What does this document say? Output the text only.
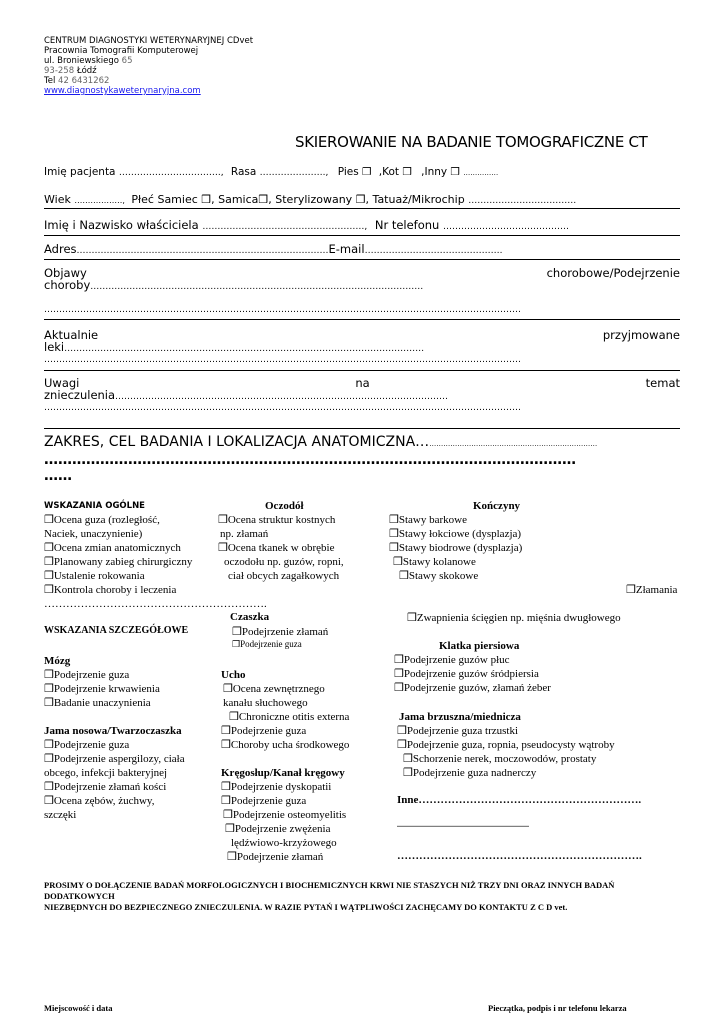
CENTRUM DIAGNOSTYKI WETERYNARYJNEJ CDvet
Pracownia Tomografii Komputerowej
ul. Broniewskiego 65
93-258 Łódź
Tel 42 6431262
www.diagnostykaweterynaryjna.com
SKIEROWANIE NA BADANIE TOMOGRAFICZNE CT
Imię pacjenta ……………………………., Rasa …………………., Pies ❒ ,Kot ❒ ,Inny ❒ ……………
Wiek ………………, Płeć Samiec ❒, Samica❒, Sterylizowany ❒, Tatuaż/Mikrochip ………………………………
Imię i Nazwisko właściciela ………………………………………………, Nr telefonu ……………………………………
Adres…………………………………………………………………………E-mail……………………………………….
Objawy	chorobowe/Podejrzenie
choroby…………………………………………………………………………………………………
……………………………………………………………………………………………………………………………………………
Aktualnie	przyjmowane
leki…………………………………………………………………………………………………………
……………………………………………………………………………………………………………………………………………
Uwagi	na	temat
znieczulenia…………………………………………………………………………………………………
……………………………………………………………………………………………………………………………………………
ZAKRES, CEL BADANIA I LOKALIZACJA ANATOMICZNA…………………………………………………………………
……………………………………………………………………………………………………
……
WSKAZANIA OGÓLNE
❒Ocena guza (rozległość,
Naciek, unaczynienie)
❒Ocena zmian anatomicznych
❒Planowany zabieg chirurgiczny
❒Ustalenie rokowania
❒Kontrola choroby i leczenia
…………………………………………………….
Oczodół
❒Ocena struktur kostnych
np. złamań
❒Ocena tkanek w obrębie
oczodołu np. guzów, ropni,
ciał obcych zagałkowych
Kończyny
❒Stawy barkowe
❒Stawy łokciowe (dysplazja)
❒Stawy biodrowe (dysplazja)
❒Stawy kolanowe
❒Stawy skokowe
❒Złamania
❒Zwapnienia ścięgien np. mięśnia dwugłowego
Czaszka
❒Podejrzenie złamań
❒Podejrzenie guza
WSKAZANIA SZCZEGÓŁOWE
Klatka piersiowa
❒Podejrzenie guzów płuc
❒Podejrzenie guzów śródpiersia
❒Podejrzenie guzów, złamań żeber
Mózg
❒Podejrzenie guza
❒Podejrzenie krwawienia
❒Badanie unaczynienia
Ucho
❒Ocena zewnętrznego
kanału słuchowego
❒Chroniczne otitis externa
❒Podejrzenie guza
❒Choroby ucha środkowego
Jama brzuszna/miednicza
❒Podejrzenie guza trzustki
❒Podejrzenie guza, ropnia, pseudocysty wątroby
❒Schorzenie nerek, moczowodów, prostaty
❒Podejrzenie guza nadnerczy
Jama nosowa/Twarzoczaszka
❒Podejrzenie guza
❒Podejrzenie aspergilozy, ciała
obcego, infekcji bakteryjnej
❒Podejrzenie złamań kości
❒Ocena zębów, żuchwy,
szczęki
Kręgosłup/Kanał kręgowy
❒Podejrzenie dyskopatii
❒Podejrzenie guza
❒Podejrzenie osteomyelitis
❒Podejrzenie zwężenia
lędźwiowo-krzyżowego
❒Podejrzenie złamań
Inne…………………………………………………….
..................................................................
………………………………………………………….
PROSIMY O DOŁĄCZENIE BADAŃ MORFOLOGICZNYCH I BIOCHEMICZNYCH KRWI NIE STASZYCH NIŻ TRZY DNI ORAZ INNYCH BADAŃ
DODATKOWYCH
NIEZBĘDNYCH DO BEZPIECZNEGO ZNIECZULENIA. W RAZIE PYTAŃ I WĄTPLIWOŚCI ZACHĘCAMY DO KONTAKTU Z C D vet.
Miejscowość i data	Pieczątka, podpis i nr telefonu lekarza
